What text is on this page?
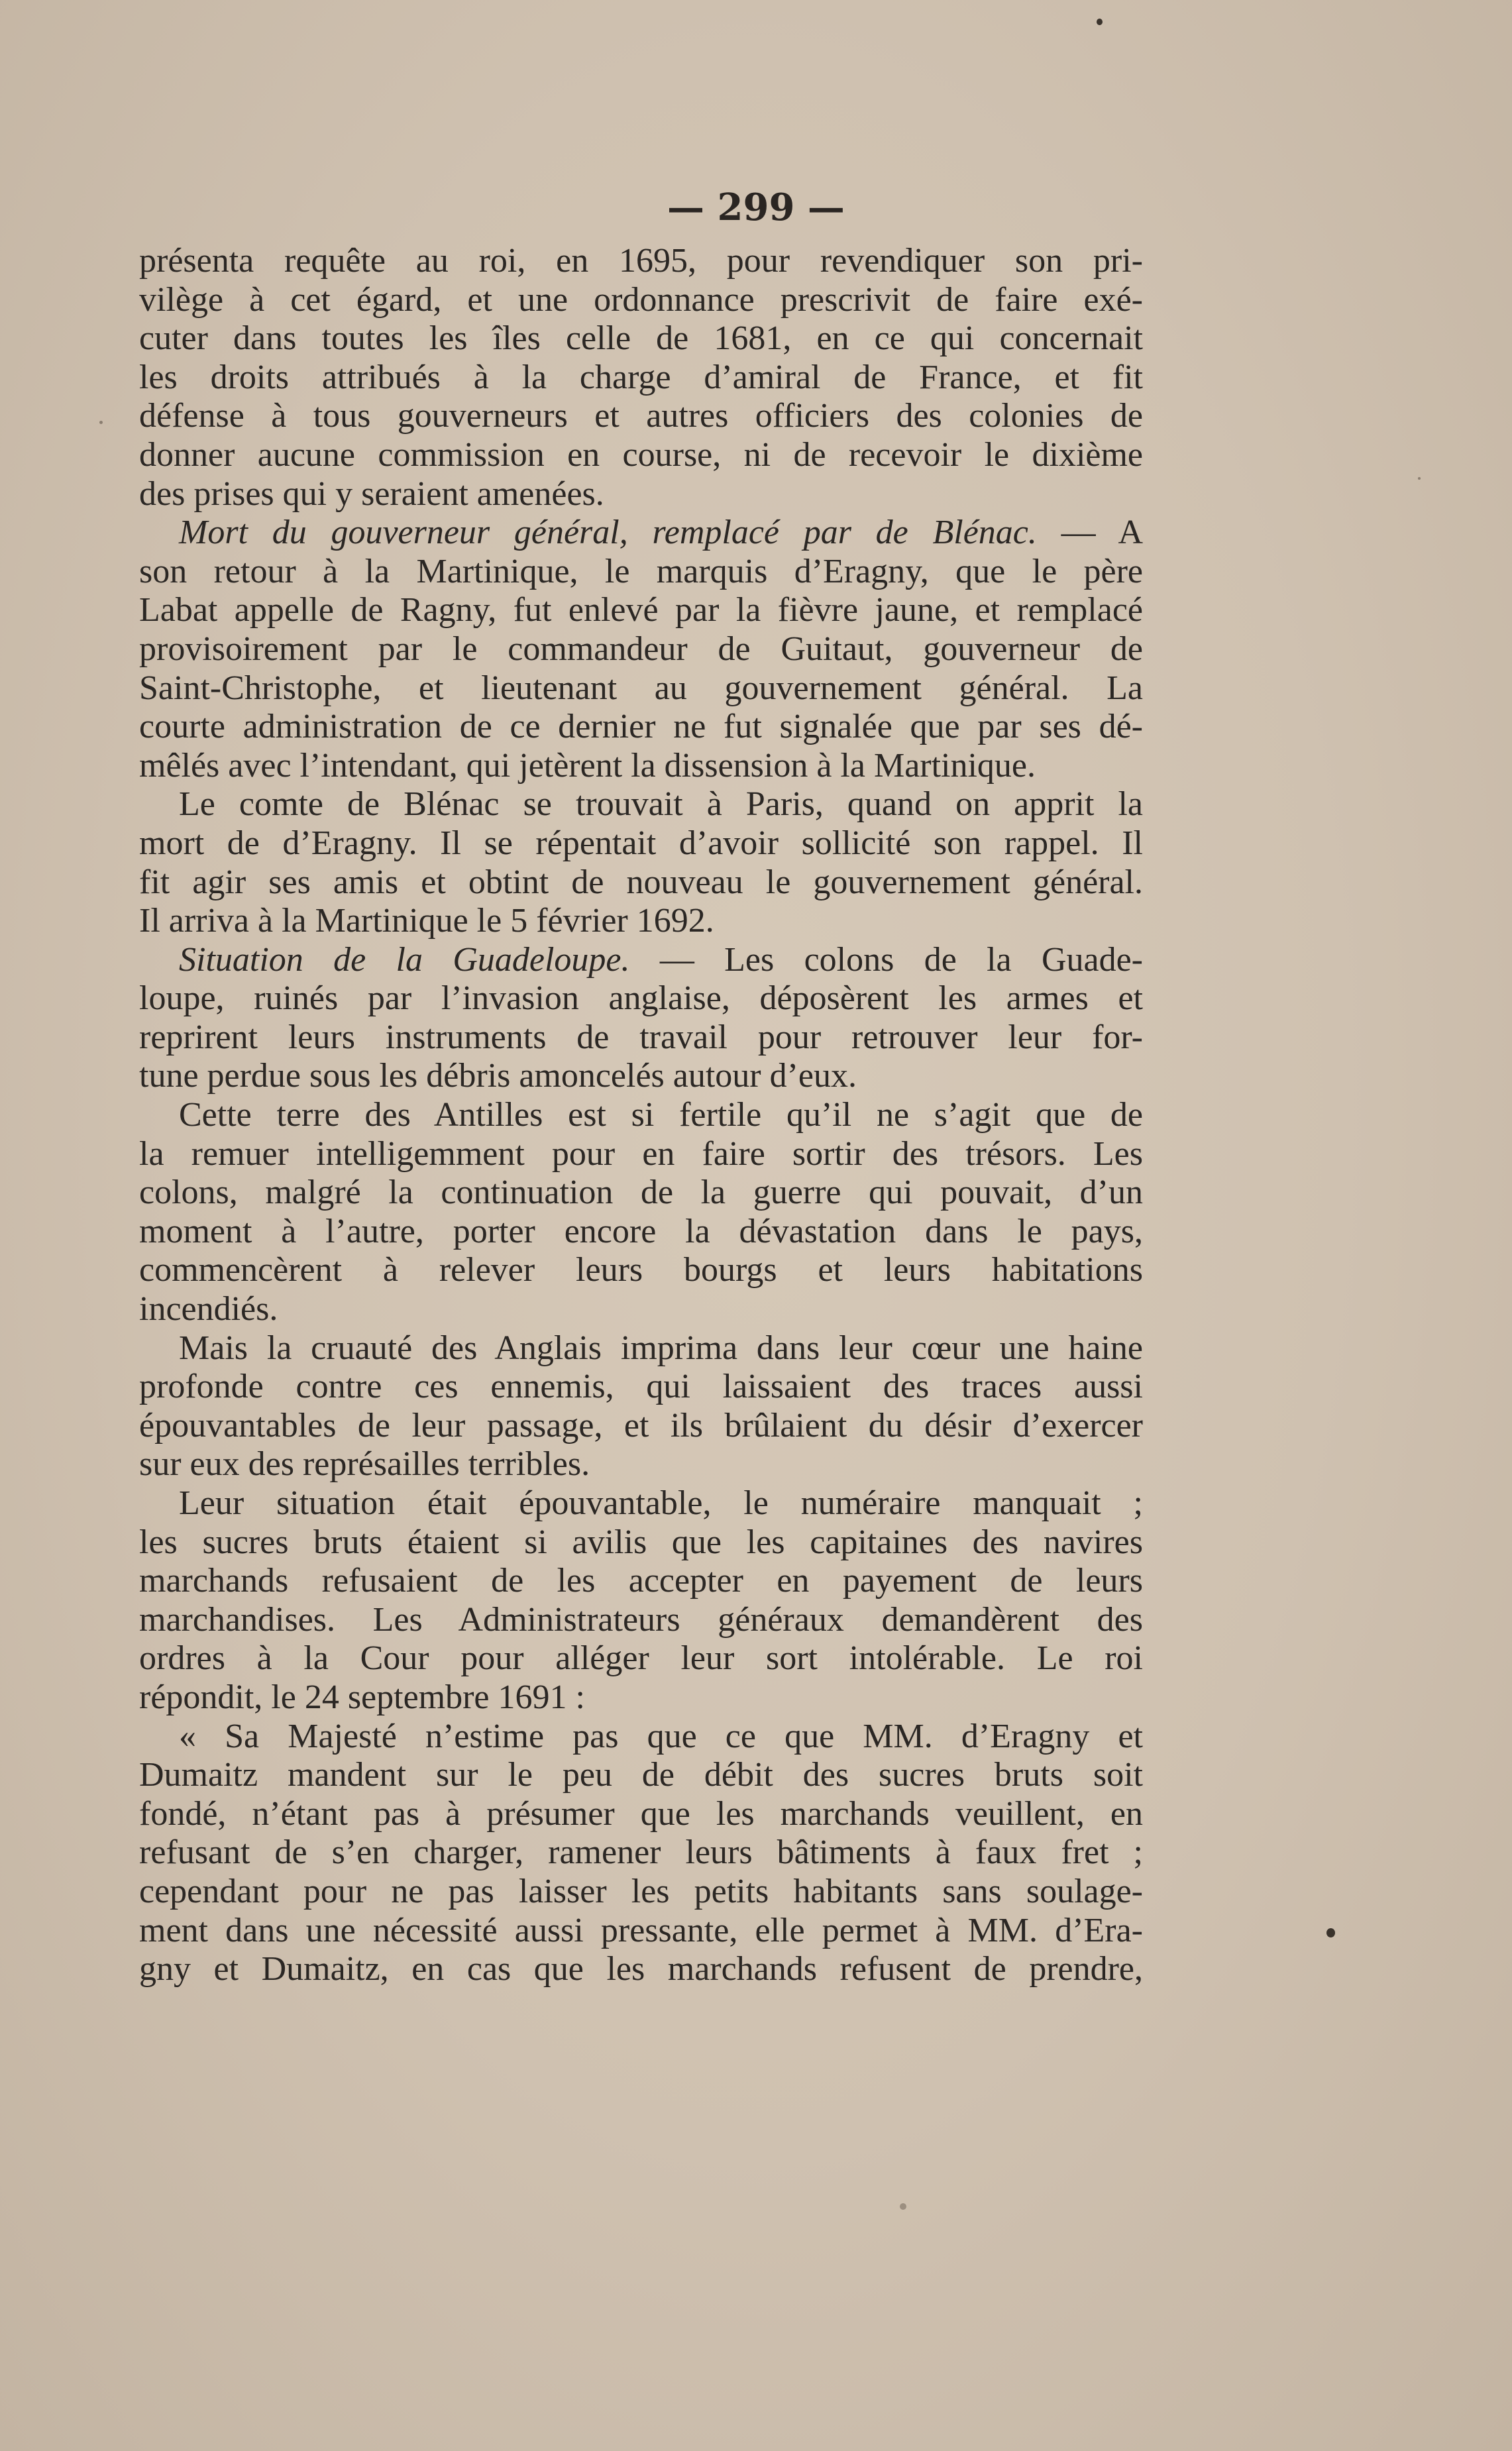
— 299 —
présenta requête au roi, en 1695, pour revendiquer son pri-
vilège à cet égard, et une ordonnance prescrivit de faire exé-
cuter dans toutes les îles celle de 1681, en ce qui concernait
les droits attribués à la charge d’amiral de France, et fit
défense à tous gouverneurs et autres officiers des colonies de
donner aucune commission en course, ni de recevoir le dixième
des prises qui y seraient amenées.
Mort du gouverneur général, remplacé par de Blénac. — A
son retour à la Martinique, le marquis d’Eragny, que le père
Labat appelle de Ragny, fut enlevé par la fièvre jaune, et remplacé
provisoirement par le commandeur de Guitaut, gouverneur de
Saint-Christophe, et lieutenant au gouvernement général. La
courte administration de ce dernier ne fut signalée que par ses dé-
mêlés avec l’intendant, qui jetèrent la dissension à la Martinique.
Le comte de Blénac se trouvait à Paris, quand on apprit la
mort de d’Eragny. Il se répentait d’avoir sollicité son rappel. Il
fit agir ses amis et obtint de nouveau le gouvernement général.
Il arriva à la Martinique le 5 février 1692.
Situation de la Guadeloupe. — Les colons de la Guade-
loupe, ruinés par l’invasion anglaise, déposèrent les armes et
reprirent leurs instruments de travail pour retrouver leur for-
tune perdue sous les débris amoncelés autour d’eux.
Cette terre des Antilles est si fertile qu’il ne s’agit que de
la remuer intelligemment pour en faire sortir des trésors. Les
colons, malgré la continuation de la guerre qui pouvait, d’un
moment à l’autre, porter encore la dévastation dans le pays,
commencèrent à relever leurs bourgs et leurs habitations
incendiés.
Mais la cruauté des Anglais imprima dans leur cœur une haine
profonde contre ces ennemis, qui laissaient des traces aussi
épouvantables de leur passage, et ils brûlaient du désir d’exercer
sur eux des représailles terribles.
Leur situation était épouvantable, le numéraire manquait ;
les sucres bruts étaient si avilis que les capitaines des navires
marchands refusaient de les accepter en payement de leurs
marchandises. Les Administrateurs généraux demandèrent des
ordres à la Cour pour alléger leur sort intolérable. Le roi
répondit, le 24 septembre 1691 :
« Sa Majesté n’estime pas que ce que MM. d’Eragny et
Dumaitz mandent sur le peu de débit des sucres bruts soit
fondé, n’étant pas à présumer que les marchands veuillent, en
refusant de s’en charger, ramener leurs bâtiments à faux fret ;
cependant pour ne pas laisser les petits habitants sans soulage-
ment dans une nécessité aussi pressante, elle permet à MM. d’Era-
gny et Dumaitz, en cas que les marchands refusent de prendre,
